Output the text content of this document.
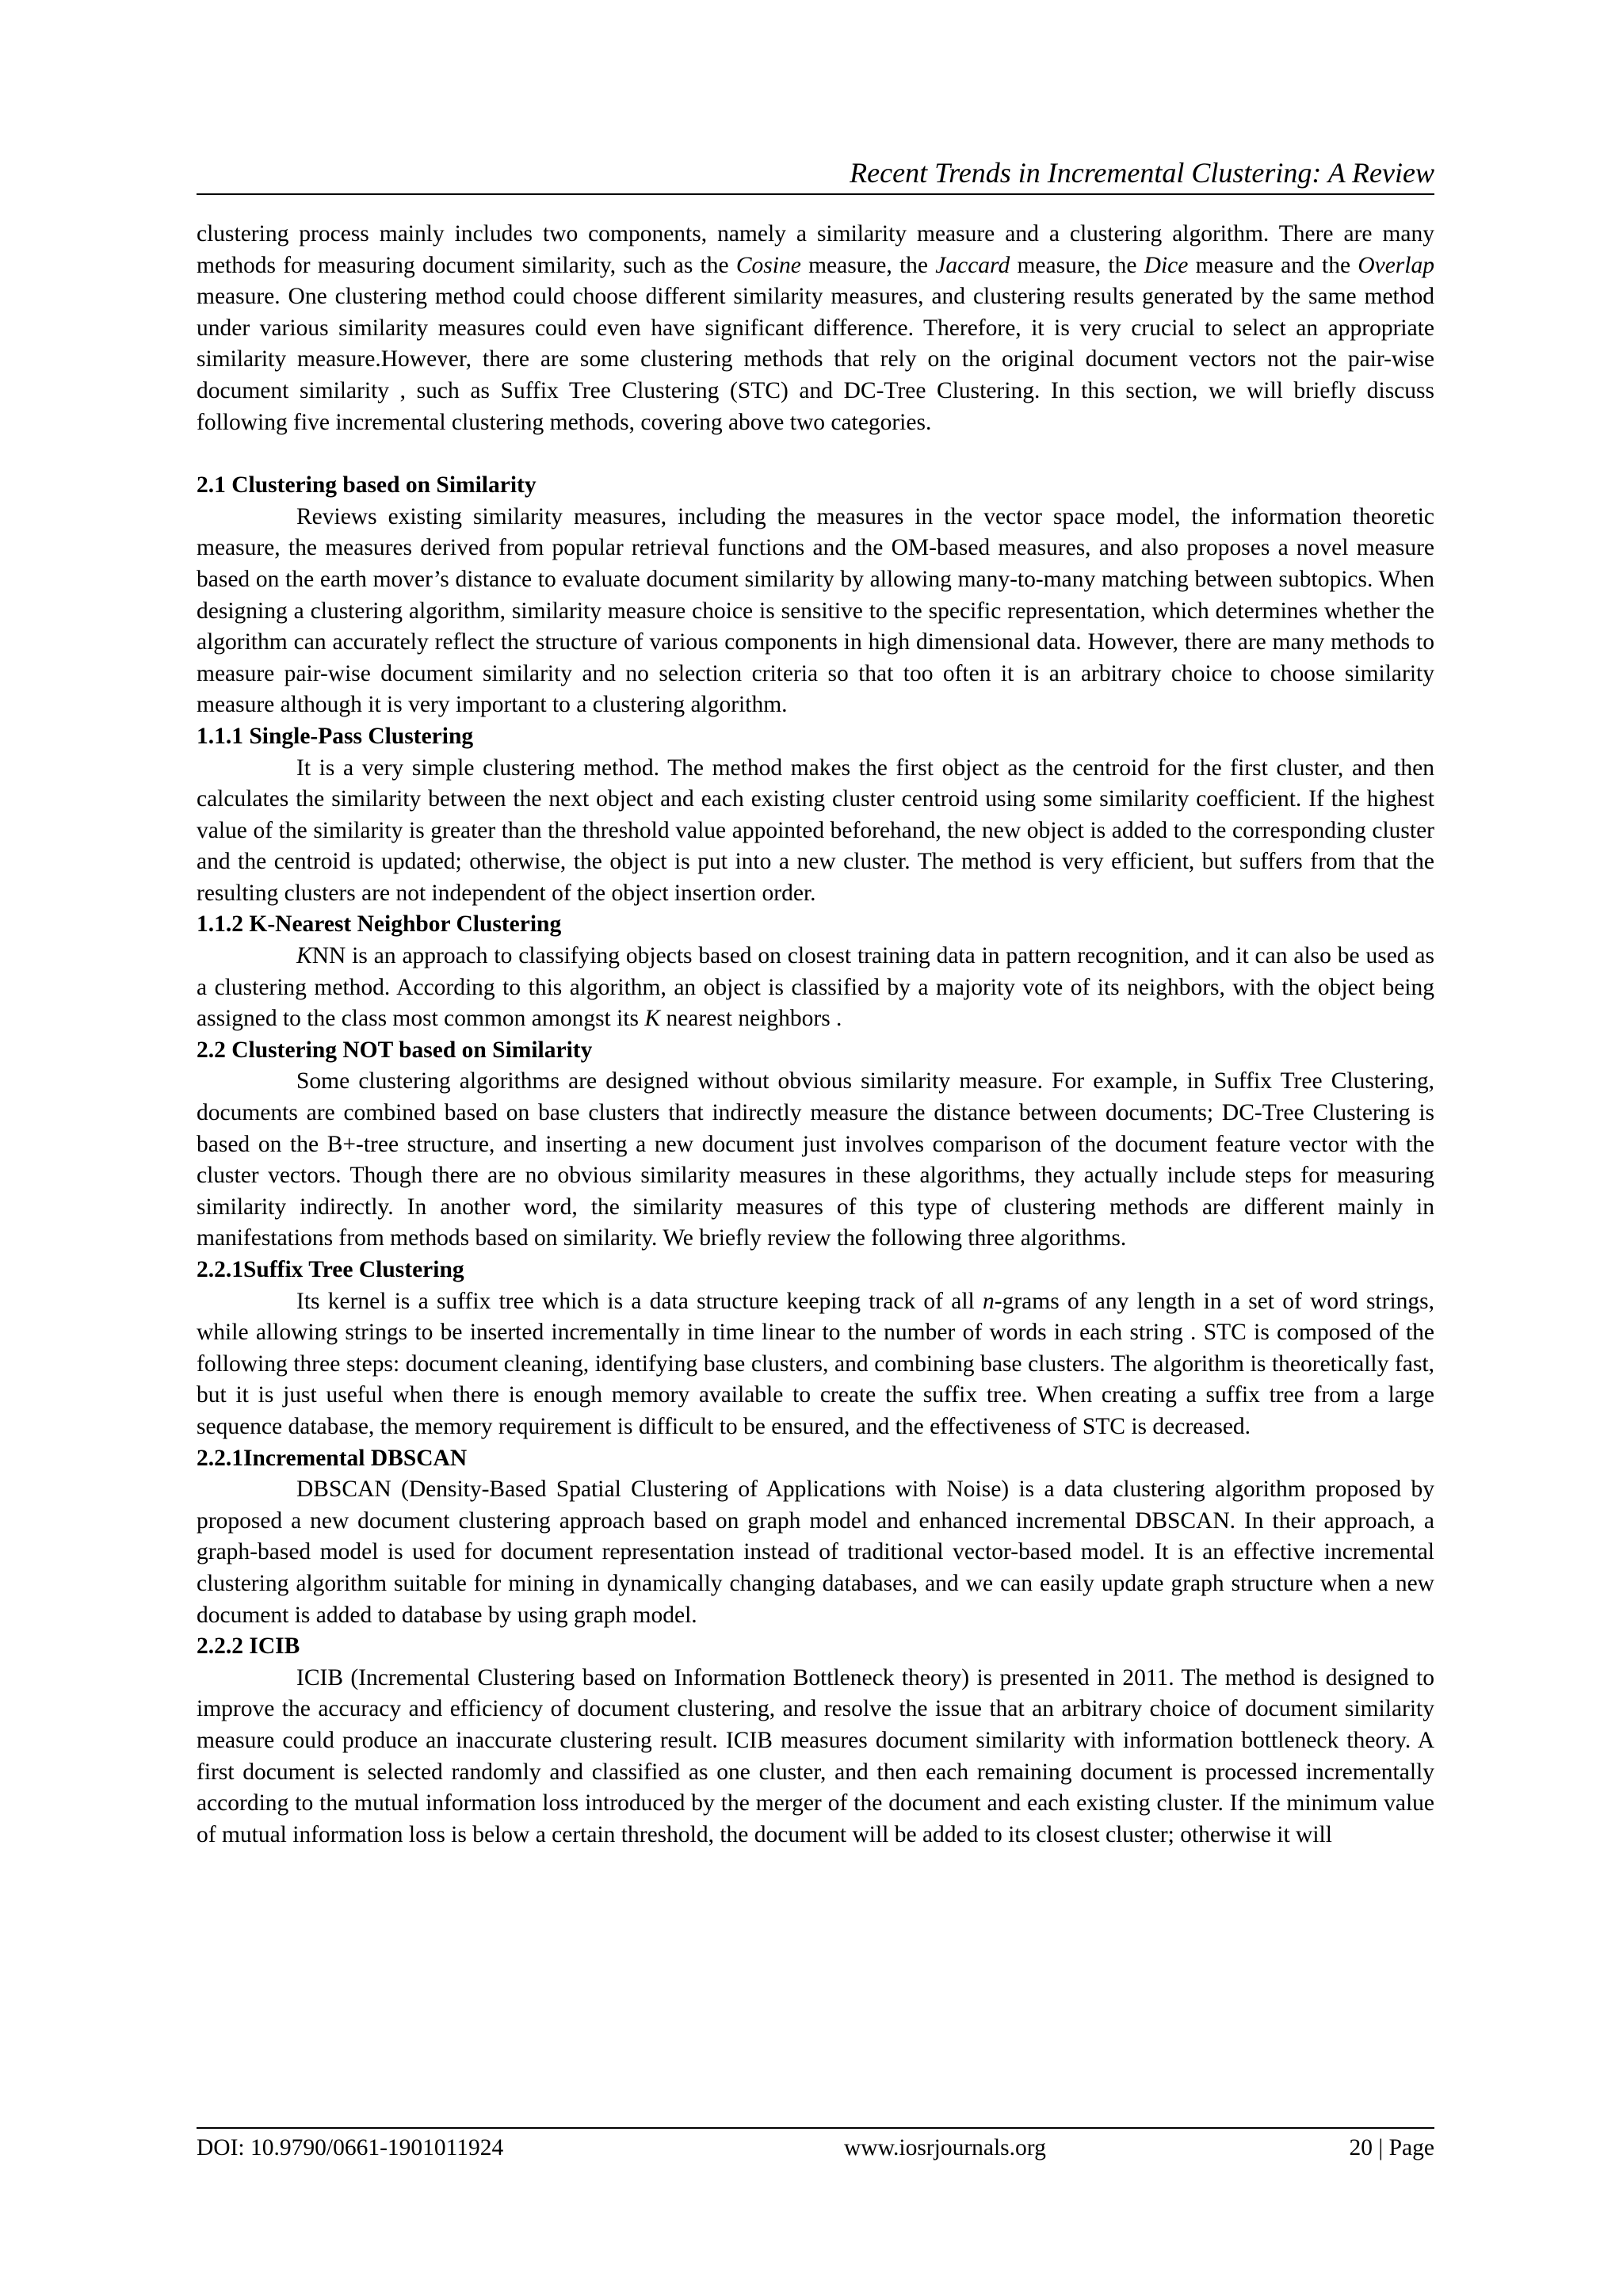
Recent Trends in Incremental Clustering: A Review

clustering process mainly includes two components, namely a similarity measure and a clustering algorithm. There are many methods for measuring document similarity, such as the Cosine measure, the Jaccard measure, the Dice measure and the Overlap measure. One clustering method could choose different similarity measures, and clustering results generated by the same method under various similarity measures could even have significant difference. Therefore, it is very crucial to select an appropriate similarity measure.However, there are some clustering methods that rely on the original document vectors not the pair-wise document similarity , such as Suffix Tree Clustering (STC) and DC-Tree Clustering. In this section, we will briefly discuss following five incremental clustering methods, covering above two categories.

2.1 Clustering based on Similarity

Reviews existing similarity measures, including the measures in the vector space model, the information theoretic measure, the measures derived from popular retrieval functions and the OM-based measures, and also proposes a novel measure based on the earth mover’s distance to evaluate document similarity by allowing many-to-many matching between subtopics. When designing a clustering algorithm, similarity measure choice is sensitive to the specific representation, which determines whether the algorithm can accurately reflect the structure of various components in high dimensional data. However, there are many methods to measure pair-wise document similarity and no selection criteria so that too often it is an arbitrary choice to choose similarity measure although it is very important to a clustering algorithm.

1.1.1 Single-Pass Clustering

It is a very simple clustering method. The method makes the first object as the centroid for the first cluster, and then calculates the similarity between the next object and each existing cluster centroid using some similarity coefficient. If the highest value of the similarity is greater than the threshold value appointed beforehand, the new object is added to the corresponding cluster and the centroid is updated; otherwise, the object is put into a new cluster. The method is very efficient, but suffers from that the resulting clusters are not independent of the object insertion order.

1.1.2 K-Nearest Neighbor Clustering

KNN is an approach to classifying objects based on closest training data in pattern recognition, and it can also be used as a clustering method. According to this algorithm, an object is classified by a majority vote of its neighbors, with the object being assigned to the class most common amongst its K nearest neighbors .

2.2 Clustering NOT based on Similarity

Some clustering algorithms are designed without obvious similarity measure. For example, in Suffix Tree Clustering, documents are combined based on base clusters that indirectly measure the distance between documents; DC-Tree Clustering is based on the B+-tree structure, and inserting a new document just involves comparison of the document feature vector with the cluster vectors. Though there are no obvious similarity measures in these algorithms, they actually include steps for measuring similarity indirectly. In another word, the similarity measures of this type of clustering methods are different mainly in manifestations from methods based on similarity. We briefly review the following three algorithms.

2.2.1Suffix Tree Clustering

Its kernel is a suffix tree which is a data structure keeping track of all n-grams of any length in a set of word strings, while allowing strings to be inserted incrementally in time linear to the number of words in each string . STC is composed of the following three steps: document cleaning, identifying base clusters, and combining base clusters. The algorithm is theoretically fast, but it is just useful when there is enough memory available to create the suffix tree. When creating a suffix tree from a large sequence database, the memory requirement is difficult to be ensured, and the effectiveness of STC is decreased.

2.2.1Incremental DBSCAN

DBSCAN (Density-Based Spatial Clustering of Applications with Noise) is a data clustering algorithm proposed by proposed a new document clustering approach based on graph model and enhanced incremental DBSCAN. In their approach, a graph-based model is used for document representation instead of traditional vector-based model. It is an effective incremental clustering algorithm suitable for mining in dynamically changing databases, and we can easily update graph structure when a new document is added to database by using graph model.

2.2.2 ICIB

ICIB (Incremental Clustering based on Information Bottleneck theory) is presented in 2011. The method is designed to improve the accuracy and efficiency of document clustering, and resolve the issue that an arbitrary choice of document similarity measure could produce an inaccurate clustering result. ICIB measures document similarity with information bottleneck theory. A first document is selected randomly and classified as one cluster, and then each remaining document is processed incrementally according to the mutual information loss introduced by the merger of the document and each existing cluster. If the minimum value of mutual information loss is below a certain threshold, the document will be added to its closest cluster; otherwise it will

DOI: 10.9790/0661-1901011924	www.iosrjournals.org	20 | Page
